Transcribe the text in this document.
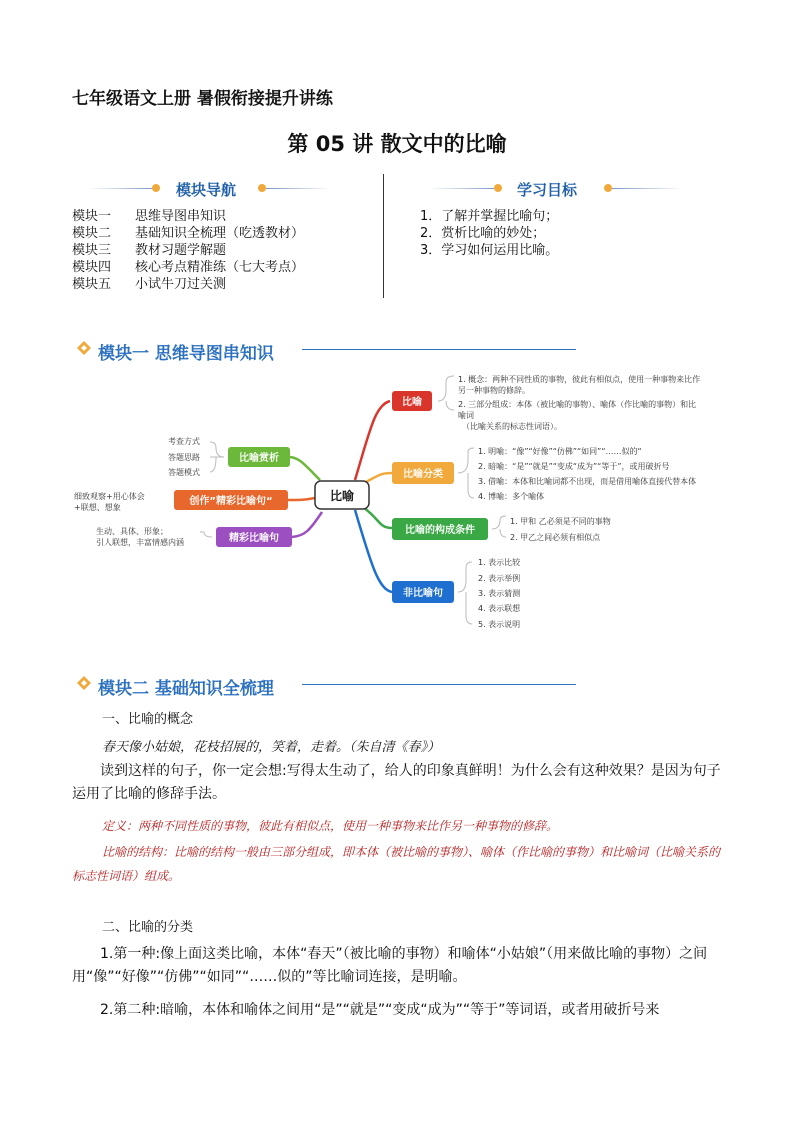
七年级语文上册 暑假衔接提升讲练
第 05 讲 散文中的比喻
模块导航
模块一 思维导图串知识
模块二 基础知识全梳理（吃透教材）
模块三 教材习题学解题
模块四 核心考点精准练（七大考点）
模块五 小试牛刀过关测
学习目标
1．了解并掌握比喻句；
2．赏析比喻的妙处；
3．学习如何运用比喻。
模块一 思维导图串知识
比喻
比喻
1. 概念：两种不同性质的事物，彼此有相似点，使用一种事物来比作
另一种事物的修辞。
2. 三部分组成：本体（被比喻的事物）、喻体（作比喻的事物）和比
喻词
（比喻关系的标志性词语）。
比喻分类
1. 明喻：“像”“好像”“仿佛”“如同”“……似的“
2. 暗喻：“是”“就是”“变成“成为”“等于”，或用破折号
3. 借喻：本体和比喻词都不出现，而是借用喻体直接代替本体
4. 博喻：多个喻体
比喻的构成条件
1. 甲和 乙必须是不同的事物
2. 甲乙之间必须有相似点
非比喻句
1. 表示比较
2. 表示举例
3. 表示猜测
4. 表示联想
5. 表示说明
比喻赏析
考查方式
答题思路
答题模式
创作”精彩比喻句“
细致观察+用心体会
+联想、想象
精彩比喻句
生动、具体、形象；
引人联想，丰富情感内涵
模块二 基础知识全梳理
一、比喻的概念
春天像小姑娘，花枝招展的，笑着，走着。（朱自清《春》）
读到这样的句子，你一定会想:写得太生动了，给人的印象真鲜明！为什么会有这种效果？是因为句子运用了比喻的修辞手法。
定义：两种不同性质的事物，彼此有相似点，使用一种事物来比作另一种事物的修辞。
比喻的结构：比喻的结构一般由三部分组成，即本体（被比喻的事物）、喻体（作比喻的事物）和比喻词（比喻关系的标志性词语）组成。
二、比喻的分类
1.第一种:像上面这类比喻，本体“春天”（被比喻的事物）和喻体“小姑娘”（用来做比喻的事物）之间用“像”“好像”“仿佛”“如同”“……似的”等比喻词连接，是明喻。
2.第二种:暗喻，本体和喻体之间用“是”“就是”“变成“成为”“等于”等词语，或者用破折号来
